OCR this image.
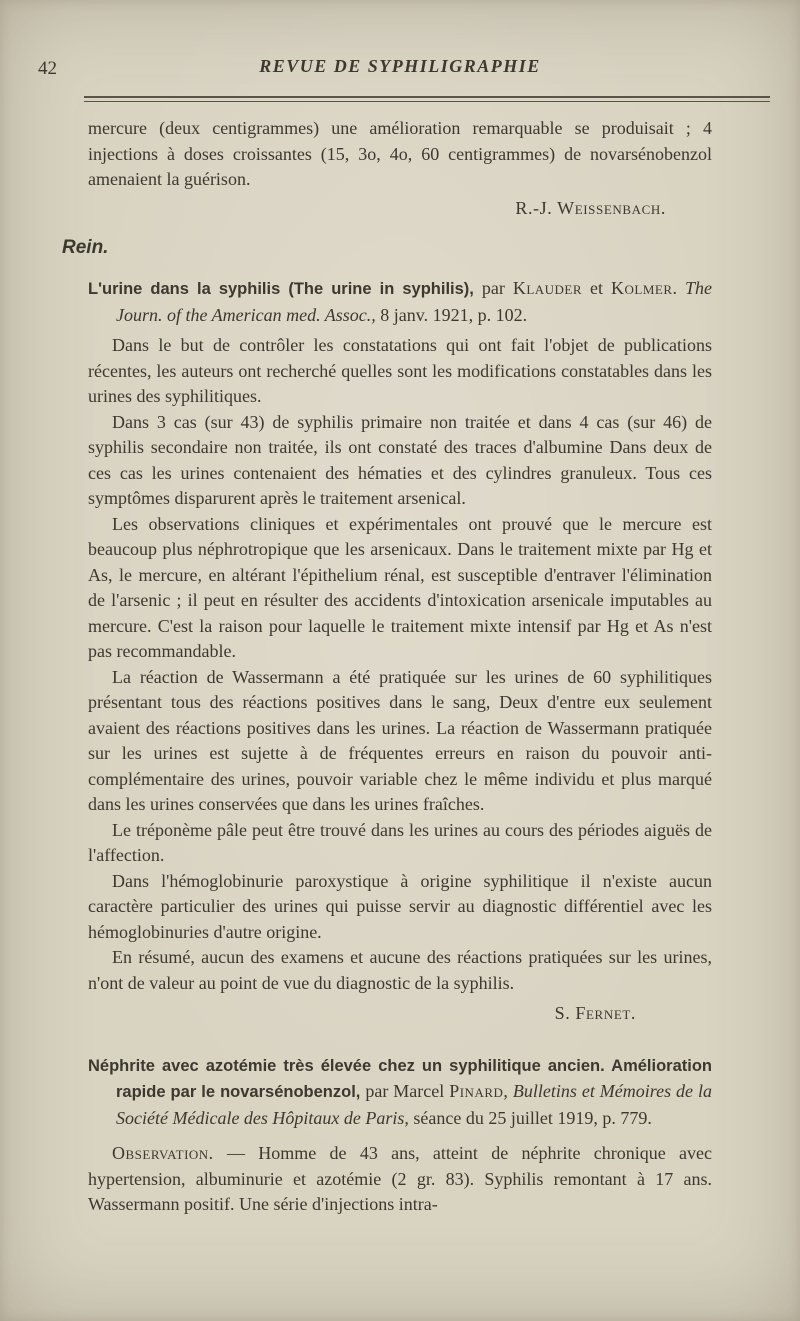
42	REVUE DE SYPHILIGRAPHIE

mercure (deux centigrammes) une amélioration remarquable se produisait ; 4 injections à doses croissantes (15, 3o, 4o, 60 centigrammes) de novarsénobenzol amenaient la guérison.

R.-J. Weissenbach.

Rein.

L'urine dans la syphilis (The urine in syphilis), par Klauder et Kolmer. The Journ. of the American med. Assoc., 8 janv. 1921, p. 102.

Dans le but de contrôler les constatations qui ont fait l'objet de publications récentes, les auteurs ont recherché quelles sont les modifications constatables dans les urines des syphilitiques.

Dans 3 cas (sur 43) de syphilis primaire non traitée et dans 4 cas (sur 46) de syphilis secondaire non traitée, ils ont constaté des traces d'albumine Dans deux de ces cas les urines contenaient des hématies et des cylindres granuleux. Tous ces symptômes disparurent après le traitement arsenical.

Les observations cliniques et expérimentales ont prouvé que le mercure est beaucoup plus néphrotropique que les arsenicaux. Dans le traitement mixte par Hg et As, le mercure, en altérant l'épithelium rénal, est susceptible d'entraver l'élimination de l'arsenic ; il peut en résulter des accidents d'intoxication arsenicale imputables au mercure. C'est la raison pour laquelle le traitement mixte intensif par Hg et As n'est pas recommandable.

La réaction de Wassermann a été pratiquée sur les urines de 60 syphilitiques présentant tous des réactions positives dans le sang, Deux d'entre eux seulement avaient des réactions positives dans les urines. La réaction de Wassermann pratiquée sur les urines est sujette à de fréquentes erreurs en raison du pouvoir anti-complémentaire des urines, pouvoir variable chez le même individu et plus marqué dans les urines conservées que dans les urines fraîches.

Le tréponème pâle peut être trouvé dans les urines au cours des périodes aiguës de l'affection.

Dans l'hémoglobinurie paroxystique à origine syphilitique il n'existe aucun caractère particulier des urines qui puisse servir au diagnostic différentiel avec les hémoglobinuries d'autre origine.

En résumé, aucun des examens et aucune des réactions pratiquées sur les urines, n'ont de valeur au point de vue du diagnostic de la syphilis.

S. Fernet.

Néphrite avec azotémie très élevée chez un syphilitique ancien. Amélioration rapide par le novarsénobenzol, par Marcel Pinard, Bulletins et Mémoires de la Société Médicale des Hôpitaux de Paris, séance du 25 juillet 1919, p. 779.

Observation. — Homme de 43 ans, atteint de néphrite chronique avec hypertension, albuminurie et azotémie (2 gr. 83). Syphilis remontant à 17 ans. Wassermann positif. Une série d'injections intra-
